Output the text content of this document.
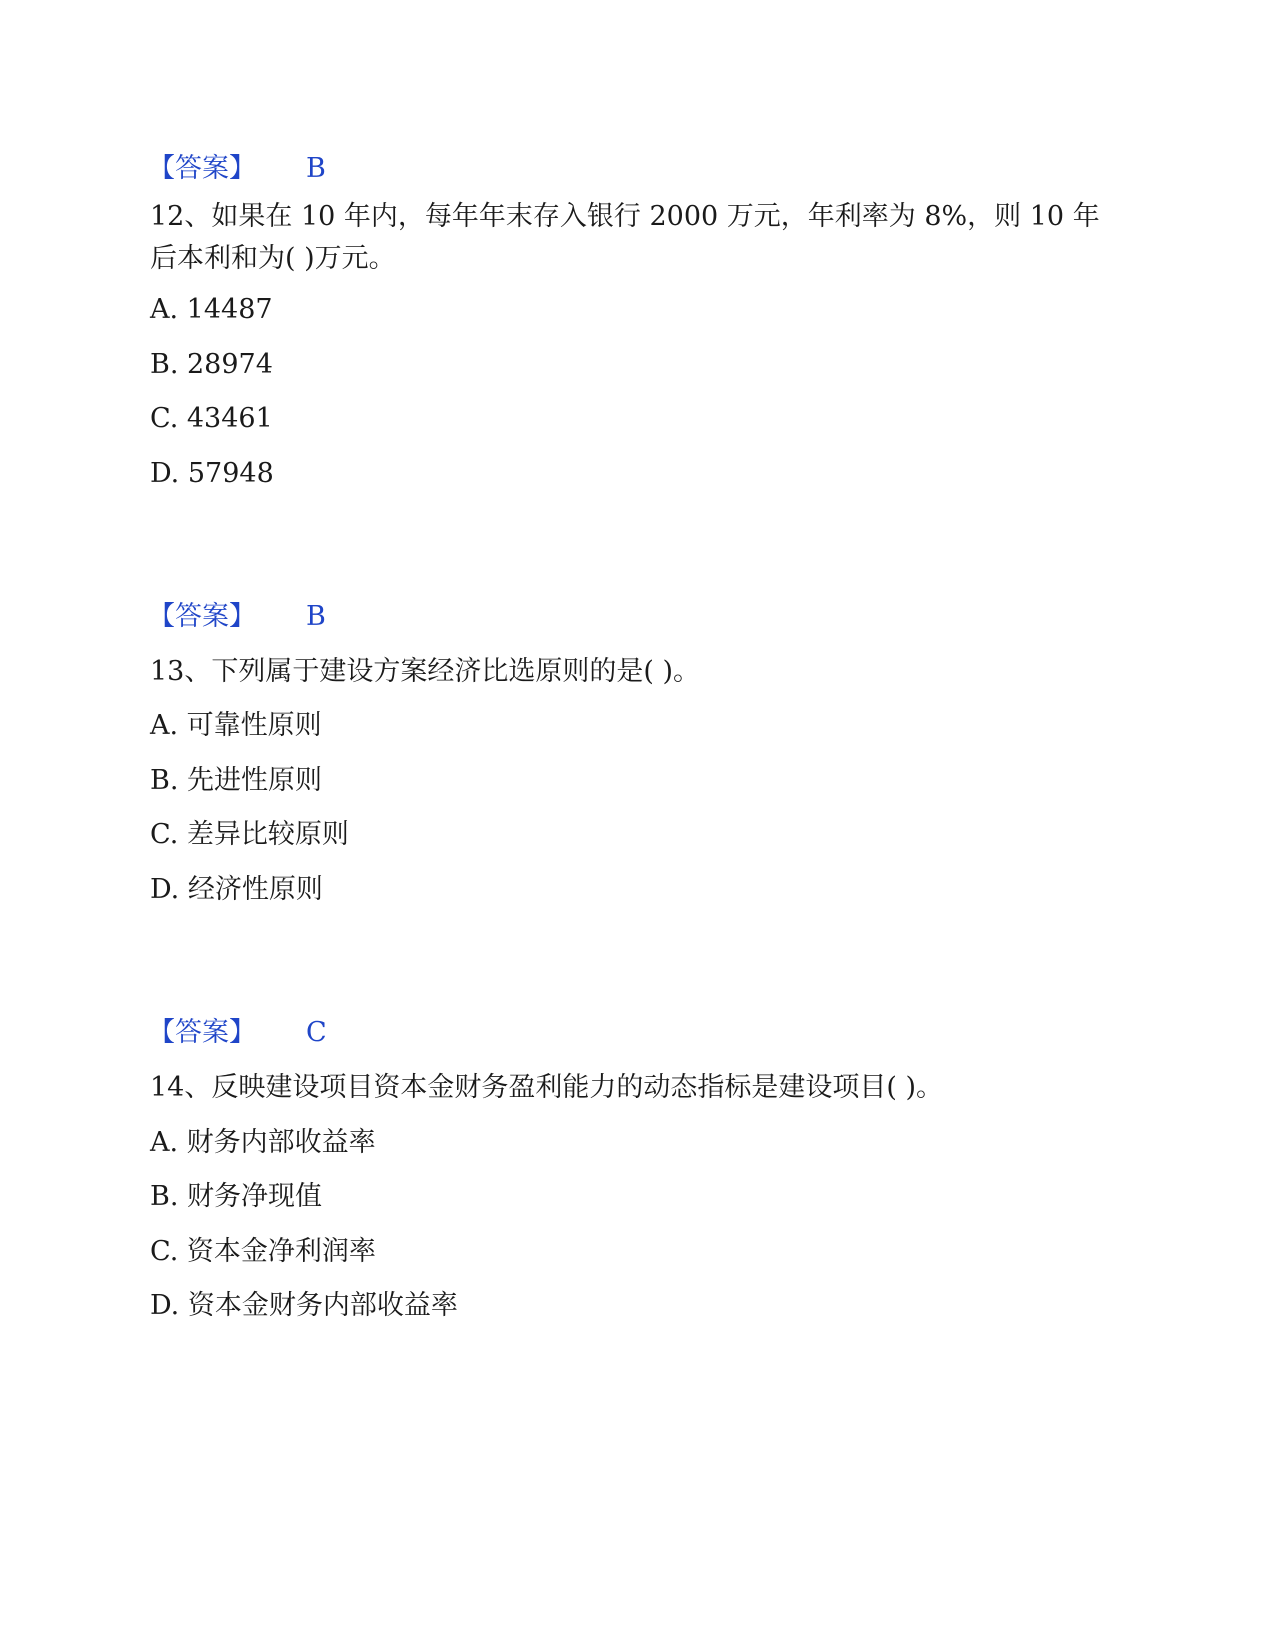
【答案】 B
12、如果在 10 年内，每年年末存入银行 2000 万元，年利率为 8%，则 10 年后本利和为( )万元。
A. 14487
B. 28974
C. 43461
D. 57948
【答案】 B
13、下列属于建设方案经济比选原则的是( )。
A. 可靠性原则
B. 先进性原则
C. 差异比较原则
D. 经济性原则
【答案】 C
14、反映建设项目资本金财务盈利能力的动态指标是建设项目( )。
A. 财务内部收益率
B. 财务净现值
C. 资本金净利润率
D. 资本金财务内部收益率
